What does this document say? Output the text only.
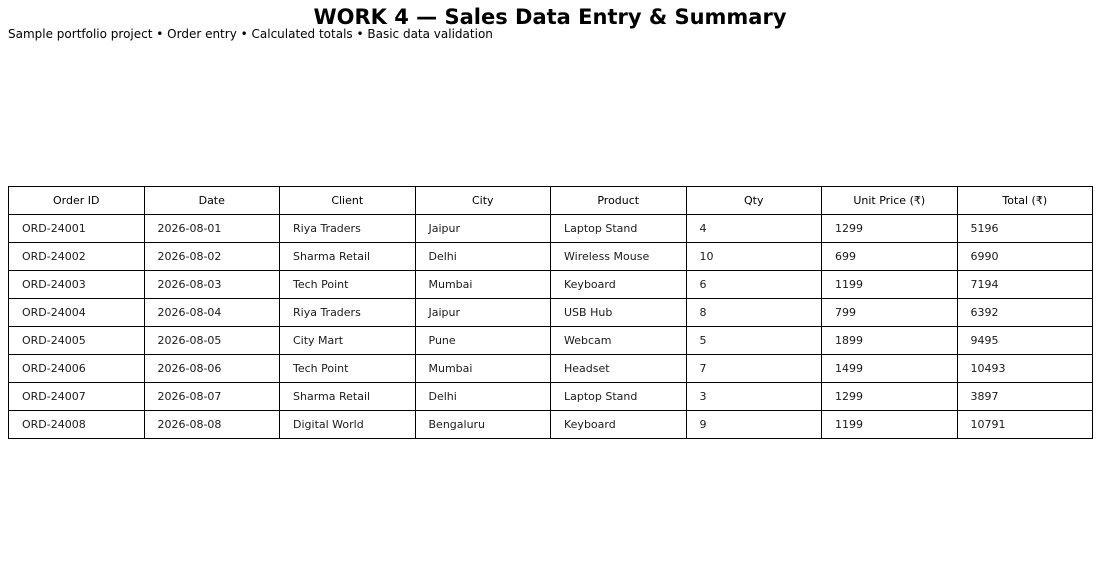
WORK 4 — Sales Data Entry & Summary
Sample portfolio project • Order entry • Calculated totals • Basic data validation
Order ID	Date	Client	City	Product	Qty	Unit Price (₹)	Total (₹)
ORD-24001	2026-08-01	Riya Traders	Jaipur	Laptop Stand	4	1299	5196
ORD-24002	2026-08-02	Sharma Retail	Delhi	Wireless Mouse	10	699	6990
ORD-24003	2026-08-03	Tech Point	Mumbai	Keyboard	6	1199	7194
ORD-24004	2026-08-04	Riya Traders	Jaipur	USB Hub	8	799	6392
ORD-24005	2026-08-05	City Mart	Pune	Webcam	5	1899	9495
ORD-24006	2026-08-06	Tech Point	Mumbai	Headset	7	1499	10493
ORD-24007	2026-08-07	Sharma Retail	Delhi	Laptop Stand	3	1299	3897
ORD-24008	2026-08-08	Digital World	Bengaluru	Keyboard	9	1199	10791
